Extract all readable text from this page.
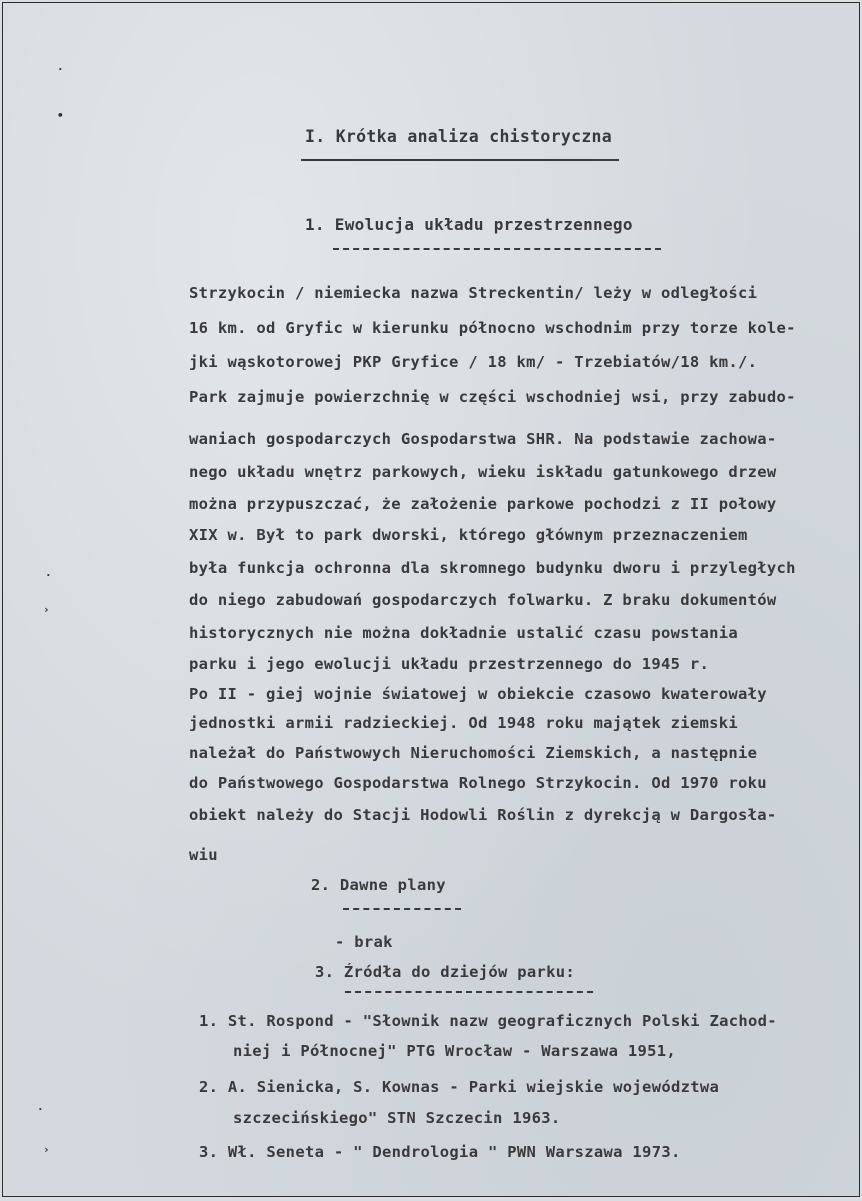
·
•
·
›
·
›
I. Krótka analiza chistoryczna
1. Ewolucja układu przestrzennego
Strzykocin / niemiecka nazwa Streckentin/ leży w odległości
16 km. od Gryfic w kierunku północno wschodnim przy torze kole-
jki wąskotorowej PKP Gryfice / 18 km/ - Trzebiatów/18 km./.
Park zajmuje powierzchnię w części wschodniej wsi, przy zabudo-
waniach gospodarczych Gospodarstwa SHR. Na podstawie zachowa-
nego układu wnętrz parkowych, wieku iskładu gatunkowego drzew
można przypuszczać, że założenie parkowe pochodzi z II połowy
XIX w. Był to park dworski, którego głównym przeznaczeniem
była funkcja ochronna dla skromnego budynku dworu i przyległych
do niego zabudowań gospodarczych folwarku. Z braku dokumentów
historycznych nie można dokładnie ustalić czasu powstania
parku i jego ewolucji układu przestrzennego do 1945 r.
Po II - giej wojnie światowej w obiekcie czasowo kwaterowały
jednostki armii radzieckiej. Od 1948 roku majątek ziemski
należał do Państwowych Nieruchomości Ziemskich, a następnie
do Państwowego Gospodarstwa Rolnego Strzykocin. Od 1970 roku
obiekt należy do Stacji Hodowli Roślin z dyrekcją w Dargosła-
wiu
2. Dawne plany
- brak
3. Źródła do dziejów parku:
1. St. Rospond - "Słownik nazw geograficznych Polski Zachod-
niej i Północnej" PTG Wrocław - Warszawa 1951,
2. A. Sienicka, S. Kownas - Parki wiejskie województwa
szczecińskiego" STN Szczecin 1963.
3. Wł. Seneta - " Dendrologia " PWN Warszawa 1973.
